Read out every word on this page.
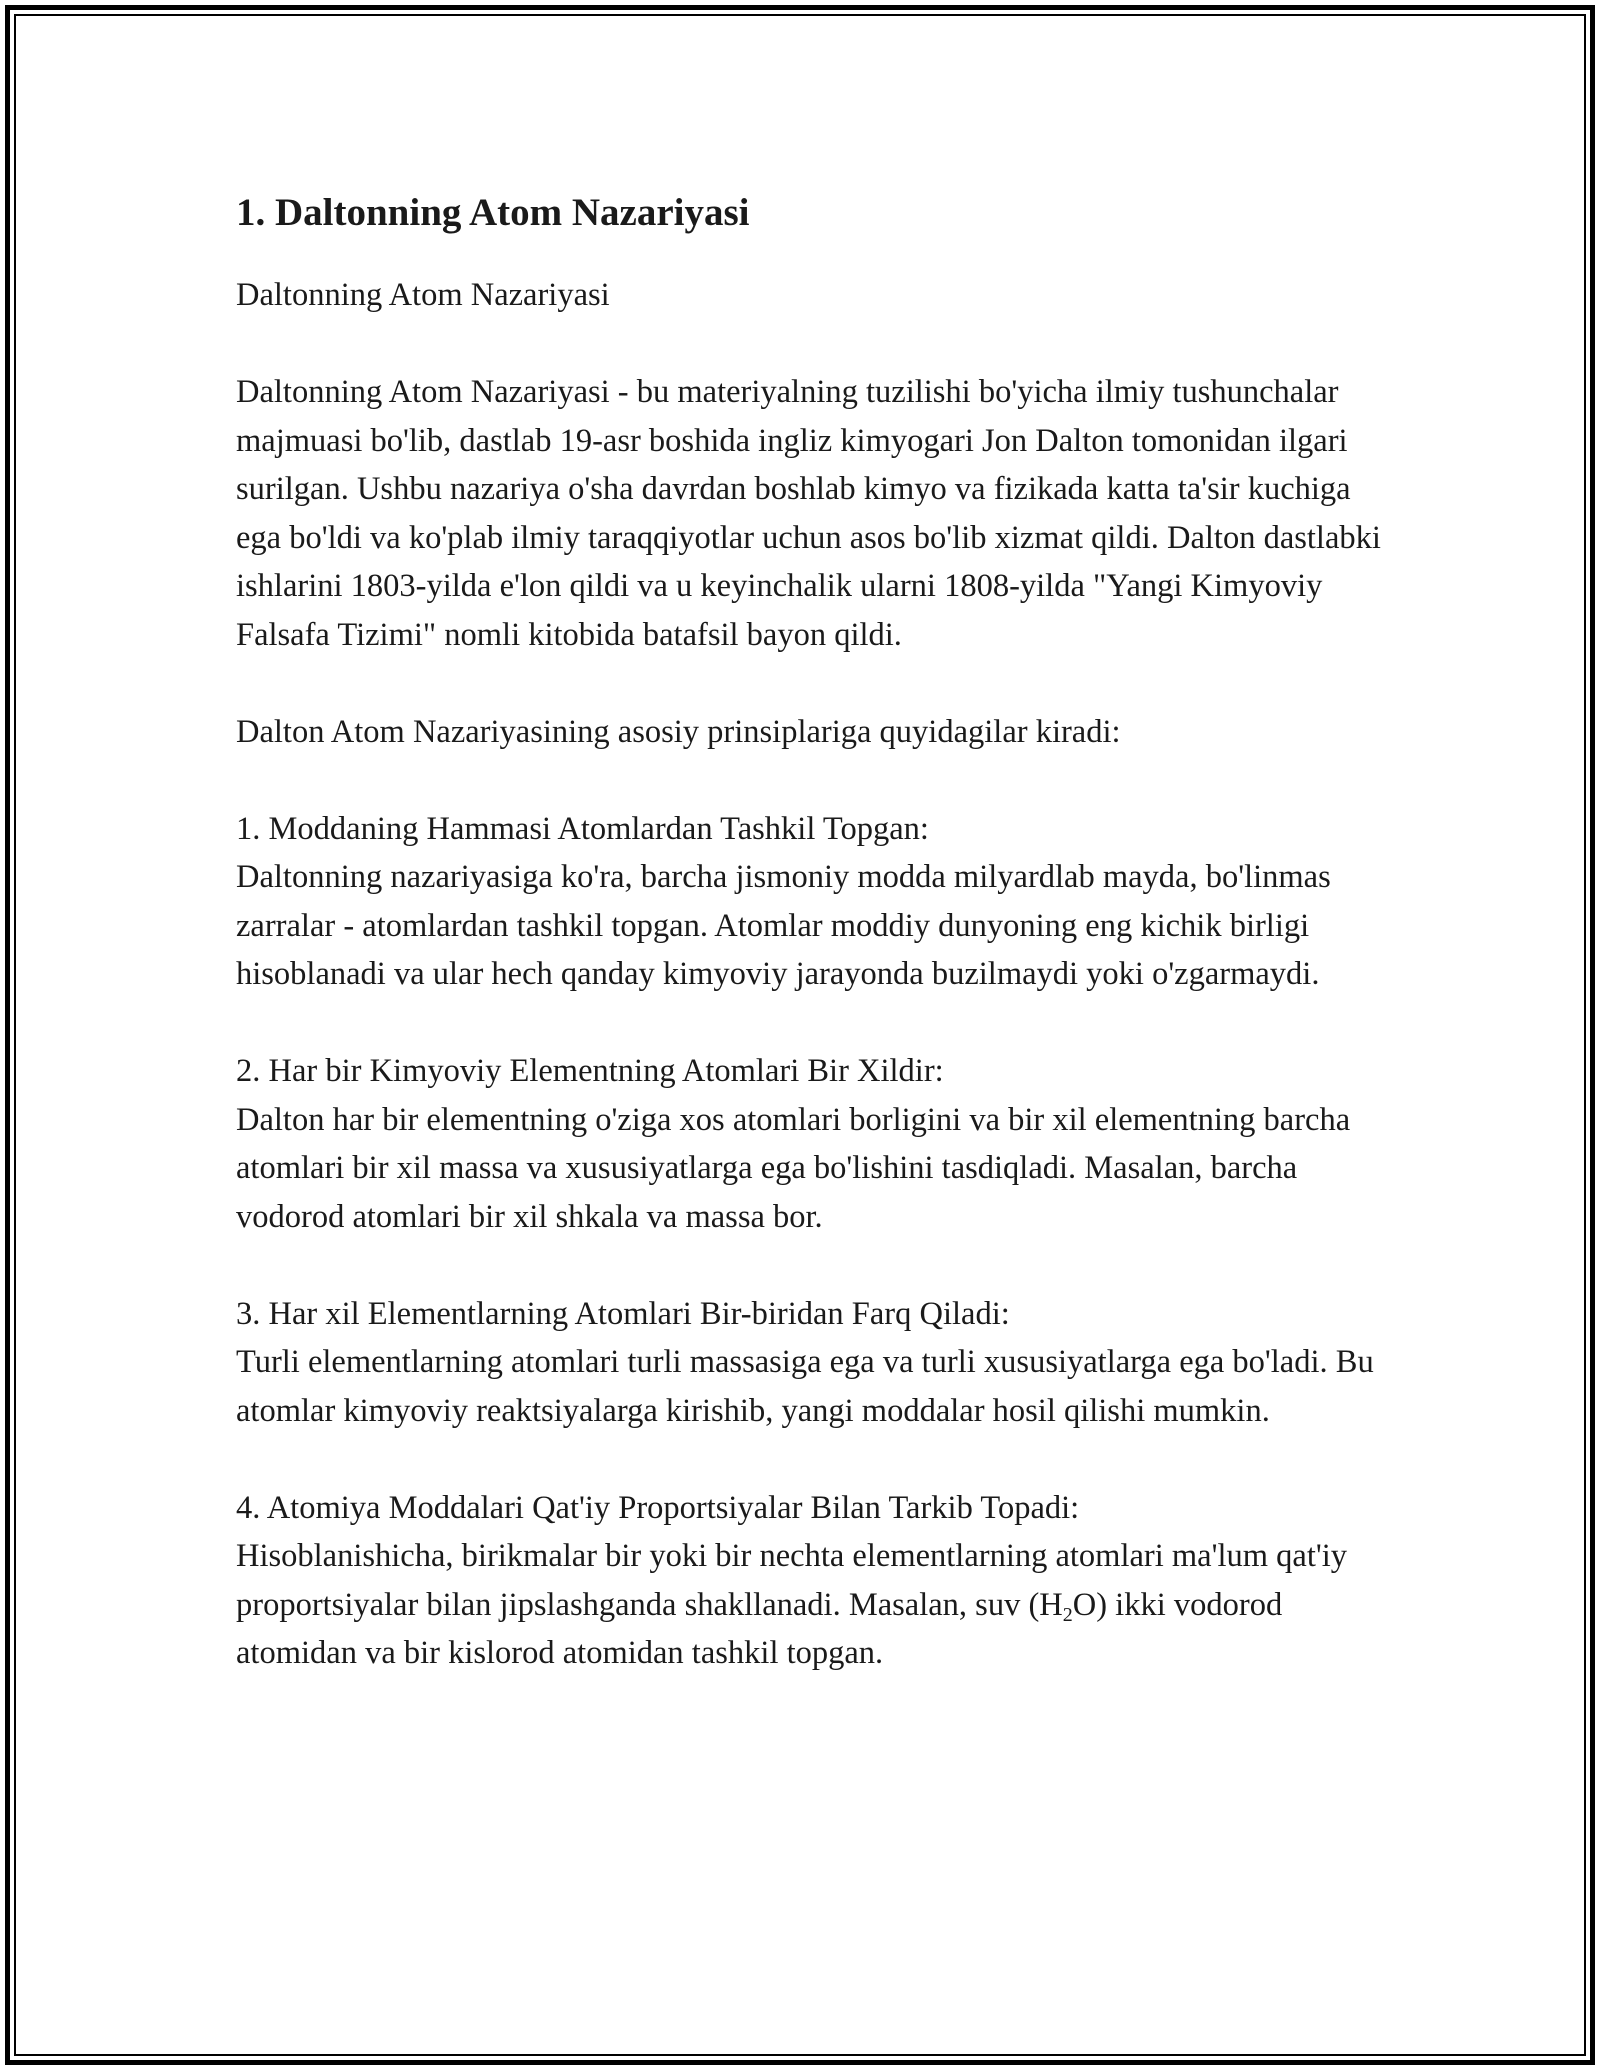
1. Daltonning Atom Nazariyasi

Daltonning Atom Nazariyasi

Daltonning Atom Nazariyasi - bu materiyalning tuzilishi bo'yicha ilmiy tushunchalar majmuasi bo'lib, dastlab 19-asr boshida ingliz kimyogari Jon Dalton tomonidan ilgari surilgan. Ushbu nazariya o'sha davrdan boshlab kimyo va fizikada katta ta'sir kuchiga ega bo'ldi va ko'plab ilmiy taraqqiyotlar uchun asos bo'lib xizmat qildi. Dalton dastlabki ishlarini 1803-yilda e'lon qildi va u keyinchalik ularni 1808-yilda "Yangi Kimyoviy Falsafa Tizimi" nomli kitobida batafsil bayon qildi.

Dalton Atom Nazariyasining asosiy prinsiplariga quyidagilar kiradi:

1. Moddaning Hammasi Atomlardan Tashkil Topgan:
Daltonning nazariyasiga ko'ra, barcha jismoniy modda milyardlab mayda, bo'linmas zarralar - atomlardan tashkil topgan. Atomlar moddiy dunyoning eng kichik birligi hisoblanadi va ular hech qanday kimyoviy jarayonda buzilmaydi yoki o'zgarmaydi.

2. Har bir Kimyoviy Elementning Atomlari Bir Xildir:
Dalton har bir elementning o'ziga xos atomlari borligini va bir xil elementning barcha atomlari bir xil massa va xususiyatlarga ega bo'lishini tasdiqladi. Masalan, barcha vodorod atomlari bir xil shkala va massa bor.

3. Har xil Elementlarning Atomlari Bir-biridan Farq Qiladi:
Turli elementlarning atomlari turli massasiga ega va turli xususiyatlarga ega bo'ladi. Bu atomlar kimyoviy reaktsiyalarga kirishib, yangi moddalar hosil qilishi mumkin.

4. Atomiya Moddalari Qat'iy Proportsiyalar Bilan Tarkib Topadi:
Hisoblanishicha, birikmalar bir yoki bir nechta elementlarning atomlari ma'lum qat'iy proportsiyalar bilan jipslashganda shakllanadi. Masalan, suv $(H_2O)$ ikki vodorod atomidan va bir kislorod atomidan tashkil topgan.
